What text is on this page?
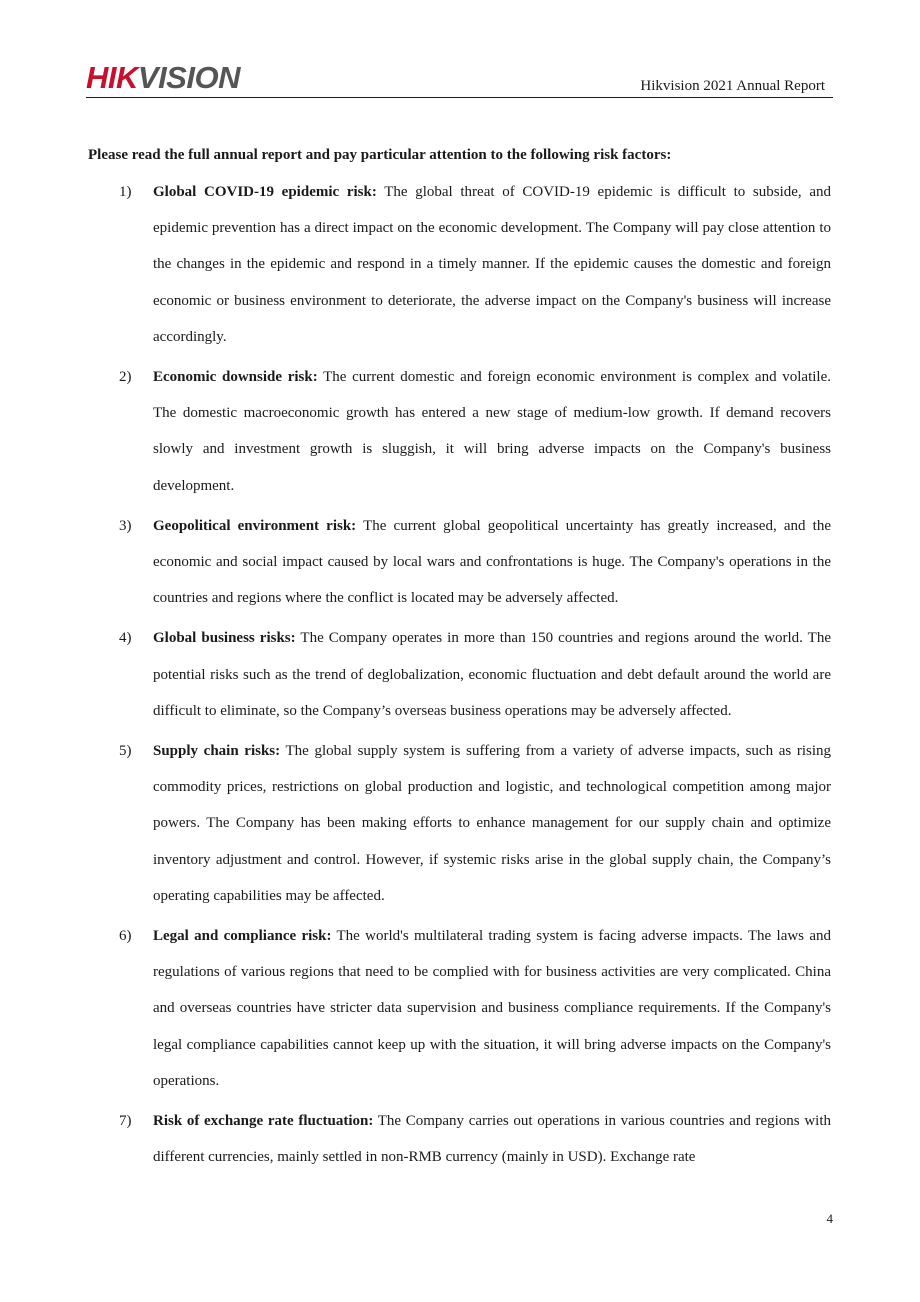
HIKVISION	Hikvision 2021 Annual Report

Please read the full annual report and pay particular attention to the following risk factors:

1) Global COVID-19 epidemic risk: The global threat of COVID-19 epidemic is difficult to subside, and epidemic prevention has a direct impact on the economic development. The Company will pay close attention to the changes in the epidemic and respond in a timely manner. If the epidemic causes the domestic and foreign economic or business environment to deteriorate, the adverse impact on the Company's business will increase accordingly.

2) Economic downside risk: The current domestic and foreign economic environment is complex and volatile. The domestic macroeconomic growth has entered a new stage of medium-low growth. If demand recovers slowly and investment growth is sluggish, it will bring adverse impacts on the Company's business development.

3) Geopolitical environment risk: The current global geopolitical uncertainty has greatly increased, and the economic and social impact caused by local wars and confrontations is huge. The Company's operations in the countries and regions where the conflict is located may be adversely affected.

4) Global business risks: The Company operates in more than 150 countries and regions around the world. The potential risks such as the trend of deglobalization, economic fluctuation and debt default around the world are difficult to eliminate, so the Company’s overseas business operations may be adversely affected.

5) Supply chain risks: The global supply system is suffering from a variety of adverse impacts, such as rising commodity prices, restrictions on global production and logistic, and technological competition among major powers. The Company has been making efforts to enhance management for our supply chain and optimize inventory adjustment and control. However, if systemic risks arise in the global supply chain, the Company’s operating capabilities may be affected.

6) Legal and compliance risk: The world's multilateral trading system is facing adverse impacts. The laws and regulations of various regions that need to be complied with for business activities are very complicated. China and overseas countries have stricter data supervision and business compliance requirements. If the Company's legal compliance capabilities cannot keep up with the situation, it will bring adverse impacts on the Company's operations.

7) Risk of exchange rate fluctuation: The Company carries out operations in various countries and regions with different currencies, mainly settled in non-RMB currency (mainly in USD). Exchange rate

4
